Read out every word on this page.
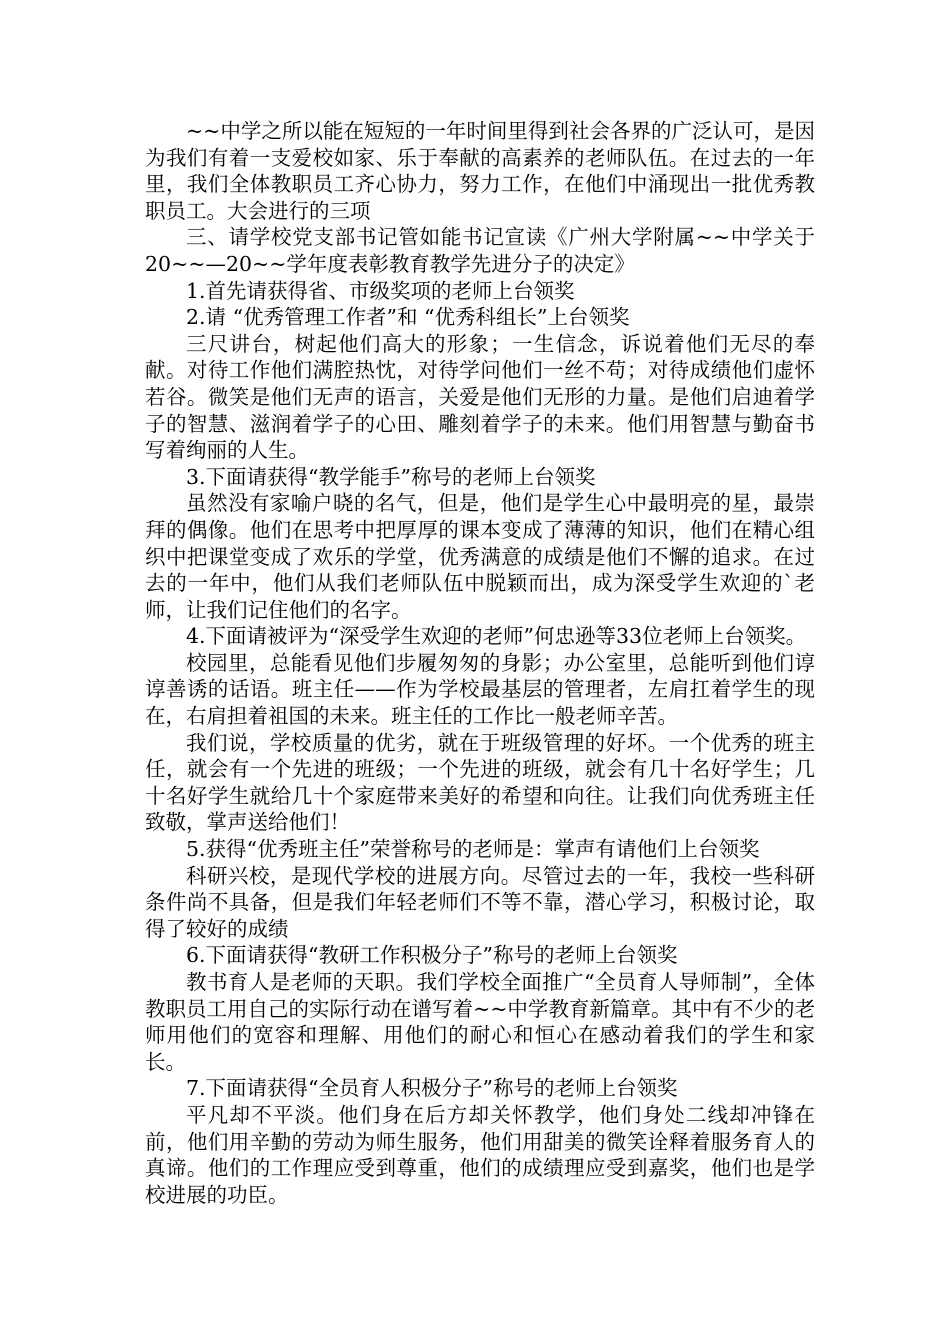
~~中学之所以能在短短的一年时间里得到社会各界的广泛认可，是因为我们有着一支爱校如家、乐于奉献的高素养的老师队伍。在过去的一年里，我们全体教职员工齐心协力，努力工作，在他们中涌现出一批优秀教职员工。大会进行的三项

三、请学校党支部书记管如能书记宣读《广州大学附属~~中学关于20~~—20~~学年度表彰教育教学先进分子的决定》

1.首先请获得省、市级奖项的老师上台领奖

2.请 “优秀管理工作者”和 “优秀科组长”上台领奖

三尺讲台，树起他们高大的形象；一生信念，诉说着他们无尽的奉献。对待工作他们满腔热忱，对待学问他们一丝不苟；对待成绩他们虚怀若谷。微笑是他们无声的语言，关爱是他们无形的力量。是他们启迪着学子的智慧、滋润着学子的心田、雕刻着学子的未来。他们用智慧与勤奋书写着绚丽的人生。

3.下面请获得“教学能手”称号的老师上台领奖

虽然没有家喻户晓的名气，但是，他们是学生心中最明亮的星，最崇拜的偶像。他们在思考中把厚厚的课本变成了薄薄的知识，他们在精心组织中把课堂变成了欢乐的学堂，优秀满意的成绩是他们不懈的追求。在过去的一年中，他们从我们老师队伍中脱颖而出，成为深受学生欢迎的`老师，让我们记住他们的名字。

4.下面请被评为“深受学生欢迎的老师”何忠逊等33位老师上台领奖。

校园里，总能看见他们步履匆匆的身影；办公室里，总能听到他们谆谆善诱的话语。班主任——作为学校最基层的管理者，左肩扛着学生的现在，右肩担着祖国的未来。班主任的工作比一般老师辛苦。

我们说，学校质量的优劣，就在于班级管理的好坏。一个优秀的班主任，就会有一个先进的班级；一个先进的班级，就会有几十名好学生；几十名好学生就给几十个家庭带来美好的希望和向往。让我们向优秀班主任致敬，掌声送给他们！

5.获得“优秀班主任”荣誉称号的老师是：掌声有请他们上台领奖

科研兴校，是现代学校的进展方向。尽管过去的一年，我校一些科研条件尚不具备，但是我们年轻老师们不等不靠，潜心学习，积极讨论，取得了较好的成绩

6.下面请获得“教研工作积极分子”称号的老师上台领奖

教书育人是老师的天职。我们学校全面推广“全员育人导师制”，全体教职员工用自己的实际行动在谱写着~~中学教育新篇章。其中有不少的老师用他们的宽容和理解、用他们的耐心和恒心在感动着我们的学生和家长。

7.下面请获得“全员育人积极分子”称号的老师上台领奖

平凡却不平淡。他们身在后方却关怀教学，他们身处二线却冲锋在前，他们用辛勤的劳动为师生服务，他们用甜美的微笑诠释着服务育人的真谛。他们的工作理应受到尊重，他们的成绩理应受到嘉奖，他们也是学校进展的功臣。
